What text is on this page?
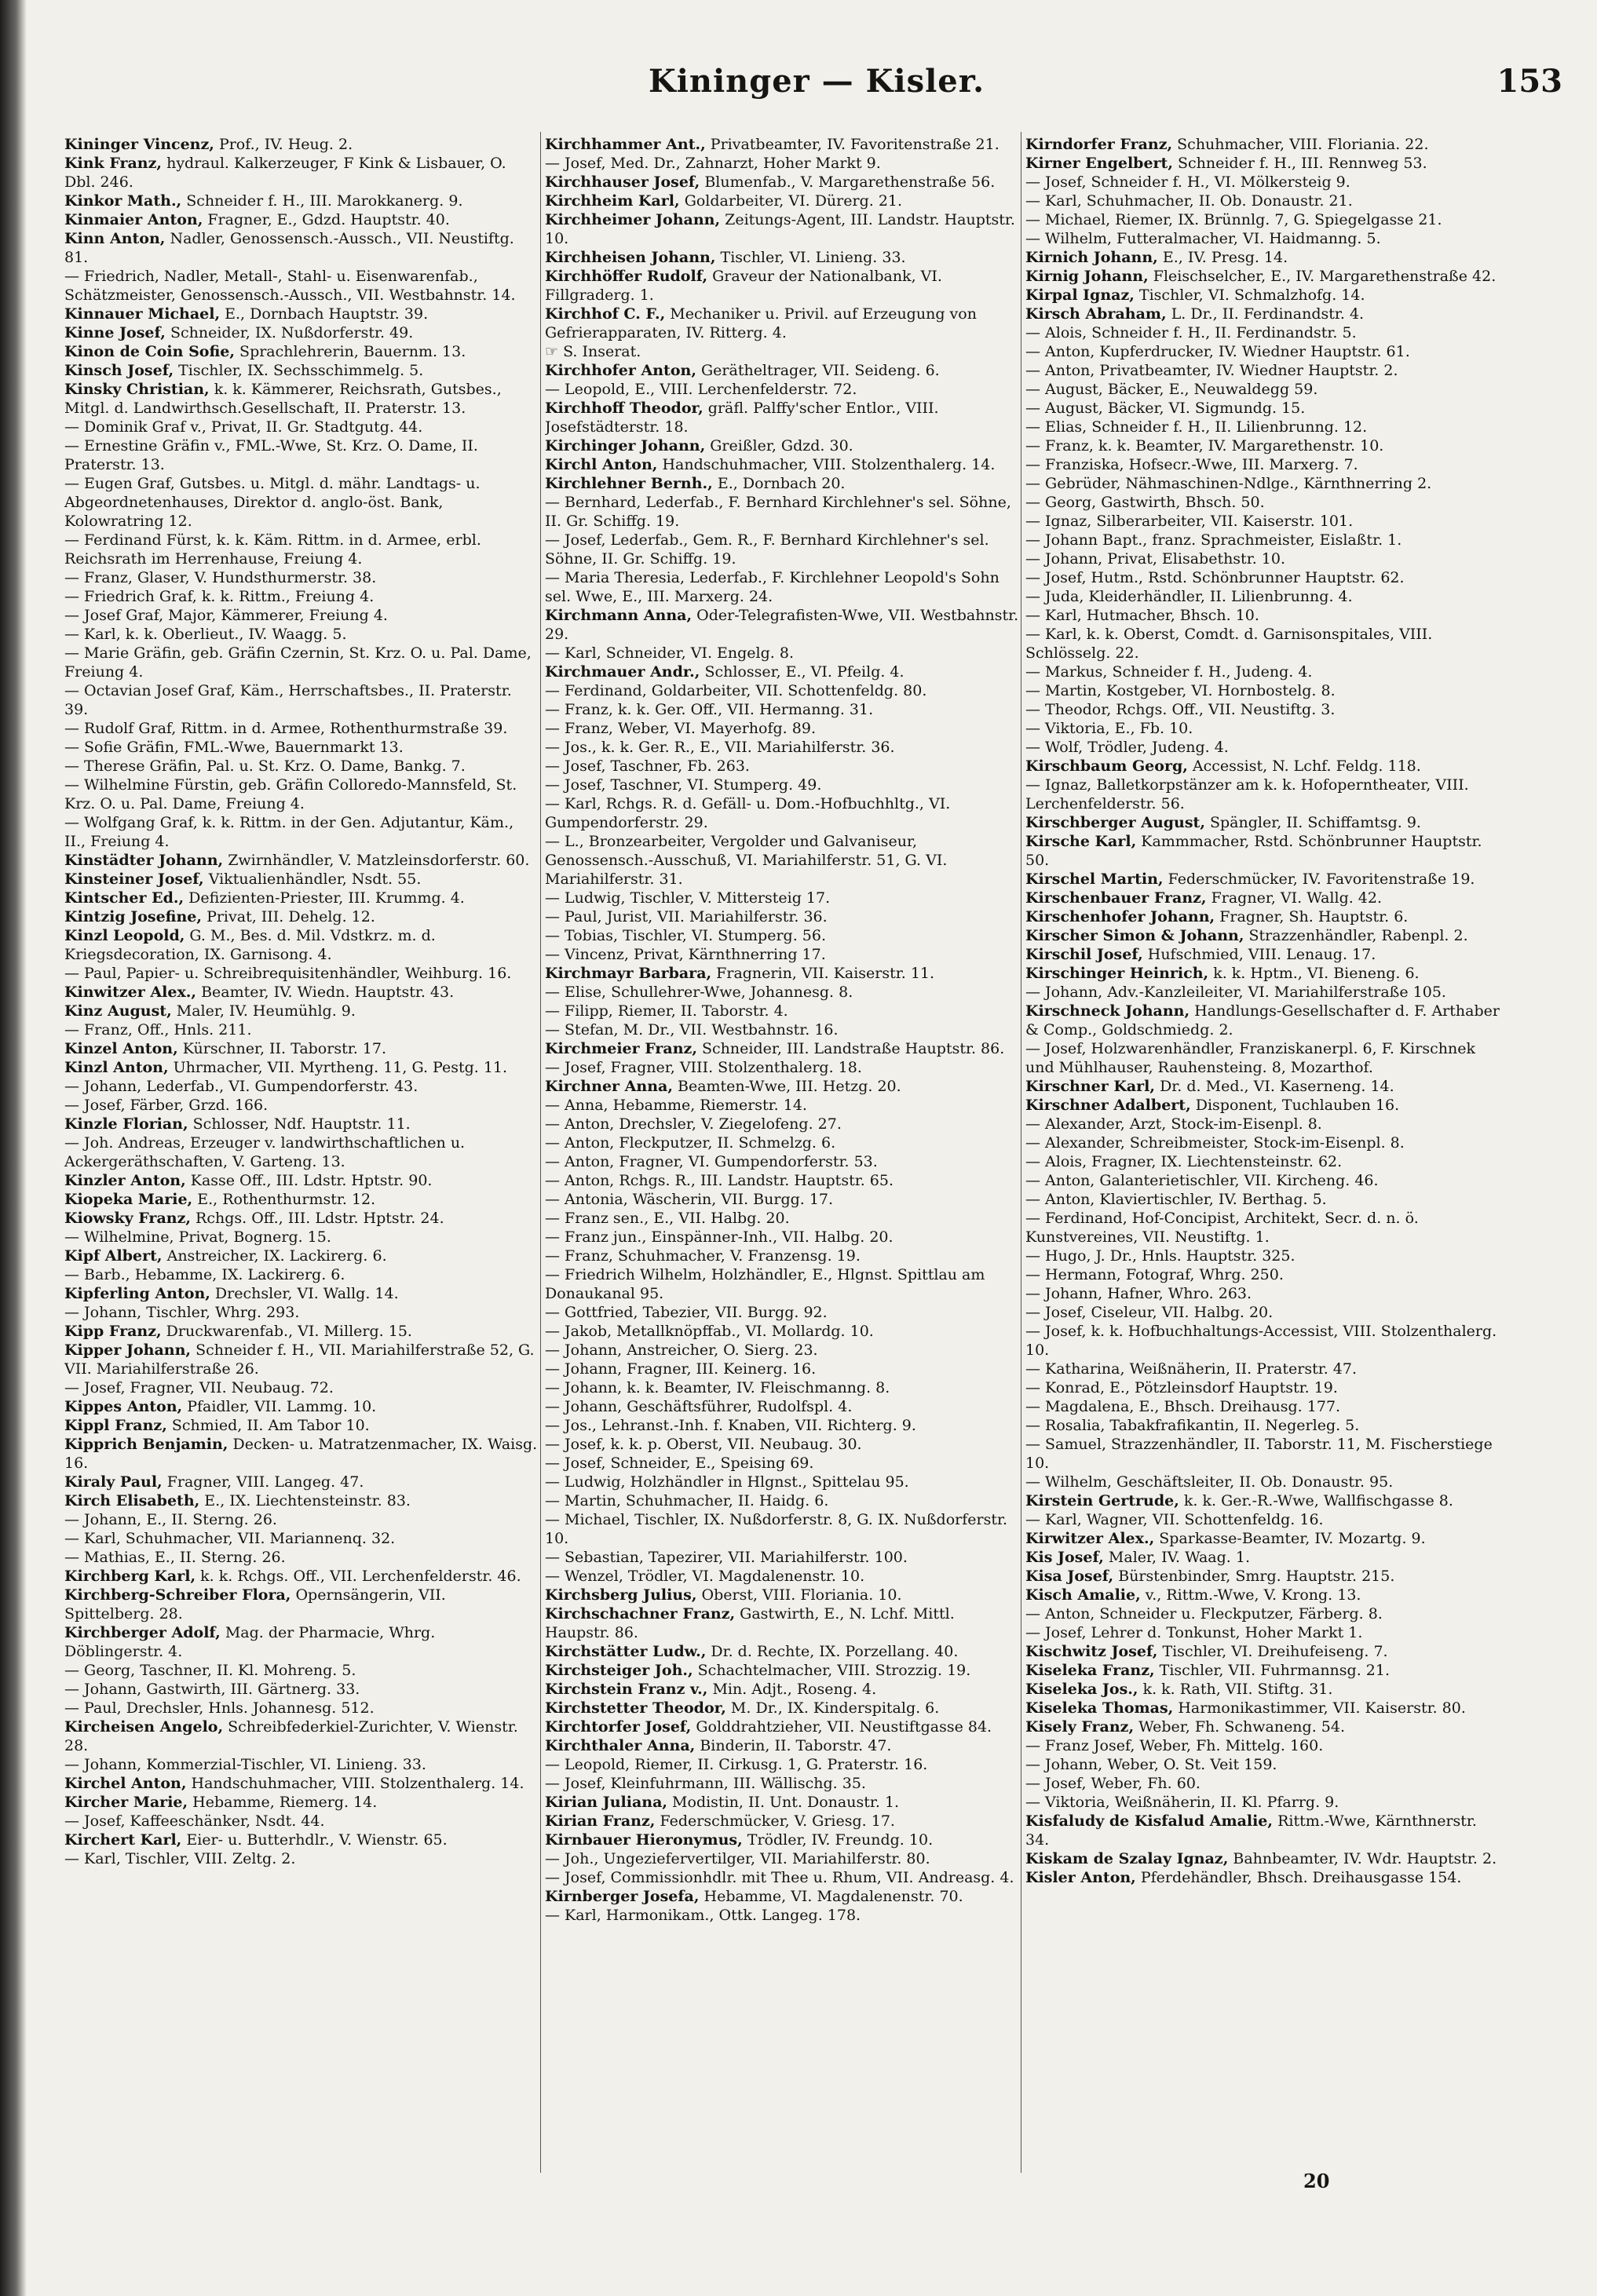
Kininger — Kisler.	153

Kininger Vincenz, Prof., IV. Heug. 2.

Kink Franz, hydraul. Kalkerzeuger, F Kink & Lisbauer, O. Dbl. 246.

Kinkor Math., Schneider f. H., III. Marokkanerg. 9.

Kinmaier Anton, Fragner, E., Gdzd. Hauptstr. 40.

Kinn Anton, Nadler, Genossensch.-Aussch., VII. Neustiftg. 81.

— Friedrich, Nadler, Metall-, Stahl- u. Eisenwarenfab., Schätzmeister, Genossensch.-Aussch., VII. Westbahnstr. 14.

Kinnauer Michael, E., Dornbach Hauptstr. 39.

Kinne Josef, Schneider, IX. Nußdorferstr. 49.

Kinon de Coin Sofie, Sprachlehrerin, Bauernm. 13.

Kinsch Josef, Tischler, IX. Sechsschimmelg. 5.

Kinsky Christian, k. k. Kämmerer, Reichsrath, Gutsbes., Mitgl. d. Landwirthsch.Gesellschaft, II. Praterstr. 13.

— Dominik Graf v., Privat, II. Gr. Stadtgutg. 44.

— Ernestine Gräfin v., FML.-Wwe, St. Krz. O. Dame, II. Praterstr. 13.

— Eugen Graf, Gutsbes. u. Mitgl. d. mähr. Landtags- u. Abgeordnetenhauses, Direktor d. anglo-öst. Bank, Kolowratring 12.

— Ferdinand Fürst, k. k. Käm. Rittm. in d. Armee, erbl. Reichsrath im Herrenhause, Freiung 4.

— Franz, Glaser, V. Hundsthurmerstr. 38.

— Friedrich Graf, k. k. Rittm., Freiung 4.

— Josef Graf, Major, Kämmerer, Freiung 4.

— Karl, k. k. Oberlieut., IV. Waagg. 5.

— Marie Gräfin, geb. Gräfin Czernin, St. Krz. O. u. Pal. Dame, Freiung 4.

— Octavian Josef Graf, Käm., Herrschaftsbes., II. Praterstr. 39.

— Rudolf Graf, Rittm. in d. Armee, Rothenthurmstraße 39.

— Sofie Gräfin, FML.-Wwe, Bauernmarkt 13.

— Therese Gräfin, Pal. u. St. Krz. O. Dame, Bankg. 7.

— Wilhelmine Fürstin, geb. Gräfin Colloredo-Mannsfeld, St. Krz. O. u. Pal. Dame, Freiung 4.

— Wolfgang Graf, k. k. Rittm. in der Gen. Adjutantur, Käm., II., Freiung 4.

Kinstädter Johann, Zwirnhändler, V. Matzleinsdorferstr. 60.

Kinsteiner Josef, Viktualienhändler, Nsdt. 55.

Kintscher Ed., Defizienten-Priester, III. Krummg. 4.

Kintzig Josefine, Privat, III. Dehelg. 12.

Kinzl Leopold, G. M., Bes. d. Mil. Vdstkrz. m. d. Kriegsdecoration, IX. Garnisong. 4.

— Paul, Papier- u. Schreibrequisitenhändler, Weihburg. 16.

Kinwitzer Alex., Beamter, IV. Wiedn. Hauptstr. 43.

Kinz August, Maler, IV. Heumühlg. 9.

— Franz, Off., Hnls. 211.

Kinzel Anton, Kürschner, II. Taborstr. 17.

Kinzl Anton, Uhrmacher, VII. Myrtheng. 11, G. Pestg. 11.

— Johann, Lederfab., VI. Gumpendorferstr. 43.

— Josef, Färber, Grzd. 166.

Kinzle Florian, Schlosser, Ndf. Hauptstr. 11.

— Joh. Andreas, Erzeuger v. landwirthschaftlichen u. Ackergeräthschaften, V. Garteng. 13.

Kinzler Anton, Kasse Off., III. Ldstr. Hptstr. 90.

Kiopeka Marie, E., Rothenthurmstr. 12.

Kiowsky Franz, Rchgs. Off., III. Ldstr. Hptstr. 24.

— Wilhelmine, Privat, Bognerg. 15.

Kipf Albert, Anstreicher, IX. Lackirerg. 6.

— Barb., Hebamme, IX. Lackirerg. 6.

Kipferling Anton, Drechsler, VI. Wallg. 14.

— Johann, Tischler, Whrg. 293.

Kipp Franz, Druckwarenfab., VI. Millerg. 15.

Kipper Johann, Schneider f. H., VII. Mariahilferstraße 52, G. VII. Mariahilferstraße 26.

— Josef, Fragner, VII. Neubaug. 72.

Kippes Anton, Pfaidler, VII. Lammg. 10.

Kippl Franz, Schmied, II. Am Tabor 10.

Kipprich Benjamin, Decken- u. Matratzenmacher, IX. Waisg. 16.

Kiraly Paul, Fragner, VIII. Langeg. 47.

Kirch Elisabeth, E., IX. Liechtensteinstr. 83.

— Johann, E., II. Sterng. 26.

— Karl, Schuhmacher, VII. Mariannenq. 32.

— Mathias, E., II. Sterng. 26.

Kirchberg Karl, k. k. Rchgs. Off., VII. Lerchenfelderstr. 46.

Kirchberg-Schreiber Flora, Opernsängerin, VII. Spittelberg. 28.

Kirchberger Adolf, Mag. der Pharmacie, Whrg. Döblingerstr. 4.

— Georg, Taschner, II. Kl. Mohreng. 5.

— Johann, Gastwirth, III. Gärtnerg. 33.

— Paul, Drechsler, Hnls. Johannesg. 512.

Kircheisen Angelo, Schreibfederkiel-Zurichter, V. Wienstr. 28.

— Johann, Kommerzial-Tischler, VI. Linieng. 33.

Kirchel Anton, Handschuhmacher, VIII. Stolzenthalerg. 14.

Kircher Marie, Hebamme, Riemerg. 14.

— Josef, Kaffeeschänker, Nsdt. 44.

Kirchert Karl, Eier- u. Butterhdlr., V. Wienstr. 65.

— Karl, Tischler, VIII. Zeltg. 2.

Kirchhammer Ant., Privatbeamter, IV. Favoritenstraße 21.

— Josef, Med. Dr., Zahnarzt, Hoher Markt 9.

Kirchhauser Josef, Blumenfab., V. Margarethenstraße 56.

Kirchheim Karl, Goldarbeiter, VI. Dürerg. 21.

Kirchheimer Johann, Zeitungs-Agent, III. Landstr. Hauptstr. 10.

Kirchheisen Johann, Tischler, VI. Linieng. 33.

Kirchhöffer Rudolf, Graveur der Nationalbank, VI. Fillgraderg. 1.

Kirchhof C. F., Mechaniker u. Privil. auf Erzeugung von Gefrierapparaten, IV. Ritterg. 4.

☞ S. Inserat.

Kirchhofer Anton, Gerätheltrager, VII. Seideng. 6.

— Leopold, E., VIII. Lerchenfelderstr. 72.

Kirchhoff Theodor, gräfl. Palffy'scher Entlor., VIII. Josefstädterstr. 18.

Kirchinger Johann, Greißler, Gdzd. 30.

Kirchl Anton, Handschuhmacher, VIII. Stolzenthalerg. 14.

Kirchlehner Bernh., E., Dornbach 20.

— Bernhard, Lederfab., F. Bernhard Kirchlehner's sel. Söhne, II. Gr. Schiffg. 19.

— Josef, Lederfab., Gem. R., F. Bernhard Kirchlehner's sel. Söhne, II. Gr. Schiffg. 19.

— Maria Theresia, Lederfab., F. Kirchlehner Leopold's Sohn sel. Wwe, E., III. Marxerg. 24.

Kirchmann Anna, Oder-Telegrafisten-Wwe, VII. Westbahnstr. 29.

— Karl, Schneider, VI. Engelg. 8.

Kirchmauer Andr., Schlosser, E., VI. Pfeilg. 4.

— Ferdinand, Goldarbeiter, VII. Schottenfeldg. 80.

— Franz, k. k. Ger. Off., VII. Hermanng. 31.

— Franz, Weber, VI. Mayerhofg. 89.

— Jos., k. k. Ger. R., E., VII. Mariahilferstr. 36.

— Josef, Taschner, Fb. 263.

— Josef, Taschner, VI. Stumperg. 49.

— Karl, Rchgs. R. d. Gefäll- u. Dom.-Hofbuchhltg., VI. Gumpendorferstr. 29.

— L., Bronzearbeiter, Vergolder und Galvaniseur, Genossensch.-Ausschuß, VI. Mariahilferstr. 51, G. VI. Mariahilferstr. 31.

— Ludwig, Tischler, V. Mittersteig 17.

— Paul, Jurist, VII. Mariahilferstr. 36.

— Tobias, Tischler, VI. Stumperg. 56.

— Vincenz, Privat, Kärnthnerring 17.

Kirchmayr Barbara, Fragnerin, VII. Kaiserstr. 11.

— Elise, Schullehrer-Wwe, Johannesg. 8.

— Filipp, Riemer, II. Taborstr. 4.

— Stefan, M. Dr., VII. Westbahnstr. 16.

Kirchmeier Franz, Schneider, III. Landstraße Hauptstr. 86.

— Josef, Fragner, VIII. Stolzenthalerg. 18.

Kirchner Anna, Beamten-Wwe, III. Hetzg. 20.

— Anna, Hebamme, Riemerstr. 14.

— Anton, Drechsler, V. Ziegelofeng. 27.

— Anton, Fleckputzer, II. Schmelzg. 6.

— Anton, Fragner, VI. Gumpendorferstr. 53.

— Anton, Rchgs. R., III. Landstr. Hauptstr. 65.

— Antonia, Wäscherin, VII. Burgg. 17.

— Franz sen., E., VII. Halbg. 20.

— Franz jun., Einspänner-Inh., VII. Halbg. 20.

— Franz, Schuhmacher, V. Franzensg. 19.

— Friedrich Wilhelm, Holzhändler, E., Hlgnst. Spittlau am Donaukanal 95.

— Gottfried, Tabezier, VII. Burgg. 92.

— Jakob, Metallknöpffab., VI. Mollardg. 10.

— Johann, Anstreicher, O. Sierg. 23.

— Johann, Fragner, III. Keinerg. 16.

— Johann, k. k. Beamter, IV. Fleischmanng. 8.

— Johann, Geschäftsführer, Rudolfspl. 4.

— Jos., Lehranst.-Inh. f. Knaben, VII. Richterg. 9.

— Josef, k. k. p. Oberst, VII. Neubaug. 30.

— Josef, Schneider, E., Speising 69.

— Ludwig, Holzhändler in Hlgnst., Spittelau 95.

— Martin, Schuhmacher, II. Haidg. 6.

— Michael, Tischler, IX. Nußdorferstr. 8, G. IX. Nußdorferstr. 10.

— Sebastian, Tapezirer, VII. Mariahilferstr. 100.

— Wenzel, Trödler, VI. Magdalenenstr. 10.

Kirchsberg Julius, Oberst, VIII. Floriania. 10.

Kirchschachner Franz, Gastwirth, E., N. Lchf. Mittl. Haupstr. 86.

Kirchstätter Ludw., Dr. d. Rechte, IX. Porzellang. 40.

Kirchsteiger Joh., Schachtelmacher, VIII. Strozzig. 19.

Kirchstein Franz v., Min. Adjt., Roseng. 4.

Kirchstetter Theodor, M. Dr., IX. Kinderspitalg. 6.

Kirchtorfer Josef, Golddrahtzieher, VII. Neustiftgasse 84.

Kirchthaler Anna, Binderin, II. Taborstr. 47.

— Leopold, Riemer, II. Cirkusg. 1, G. Praterstr. 16.

— Josef, Kleinfuhrmann, III. Wällischg. 35.

Kirian Juliana, Modistin, II. Unt. Donaustr. 1.

Kirian Franz, Federschmücker, V. Griesg. 17.

Kirnbauer Hieronymus, Trödler, IV. Freundg. 10.

— Joh., Ungeziefervertilger, VII. Mariahilferstr. 80.

— Josef, Commissionhdlr. mit Thee u. Rhum, VII. Andreasg. 4.

Kirnberger Josefa, Hebamme, VI. Magdalenenstr. 70.

— Karl, Harmonikam., Ottk. Langeg. 178.

Kirndorfer Franz, Schuhmacher, VIII. Floriania. 22.

Kirner Engelbert, Schneider f. H., III. Rennweg 53.

— Josef, Schneider f. H., VI. Mölkersteig 9.

— Karl, Schuhmacher, II. Ob. Donaustr. 21.

— Michael, Riemer, IX. Brünnlg. 7, G. Spiegelgasse 21.

— Wilhelm, Futteralmacher, VI. Haidmanng. 5.

Kirnich Johann, E., IV. Presg. 14.

Kirnig Johann, Fleischselcher, E., IV. Margarethenstraße 42.

Kirpal Ignaz, Tischler, VI. Schmalzhofg. 14.

Kirsch Abraham, L. Dr., II. Ferdinandstr. 4.

— Alois, Schneider f. H., II. Ferdinandstr. 5.

— Anton, Kupferdrucker, IV. Wiedner Hauptstr. 61.

— Anton, Privatbeamter, IV. Wiedner Hauptstr. 2.

— August, Bäcker, E., Neuwaldegg 59.

— August, Bäcker, VI. Sigmundg. 15.

— Elias, Schneider f. H., II. Lilienbrunng. 12.

— Franz, k. k. Beamter, IV. Margarethenstr. 10.

— Franziska, Hofsecr.-Wwe, III. Marxerg. 7.

— Gebrüder, Nähmaschinen-Ndlge., Kärnthnerring 2.

— Georg, Gastwirth, Bhsch. 50.

— Ignaz, Silberarbeiter, VII. Kaiserstr. 101.

— Johann Bapt., franz. Sprachmeister, Eislaßtr. 1.

— Johann, Privat, Elisabethstr. 10.

— Josef, Hutm., Rstd. Schönbrunner Hauptstr. 62.

— Juda, Kleiderhändler, II. Lilienbrunng. 4.

— Karl, Hutmacher, Bhsch. 10.

— Karl, k. k. Oberst, Comdt. d. Garnisonspitales, VIII. Schlösselg. 22.

— Markus, Schneider f. H., Judeng. 4.

— Martin, Kostgeber, VI. Hornbostelg. 8.

— Theodor, Rchgs. Off., VII. Neustiftg. 3.

— Viktoria, E., Fb. 10.

— Wolf, Trödler, Judeng. 4.

Kirschbaum Georg, Accessist, N. Lchf. Feldg. 118.

— Ignaz, Balletkorpstänzer am k. k. Hofoperntheater, VIII. Lerchenfelderstr. 56.

Kirschberger August, Spängler, II. Schiffamtsg. 9.

Kirsche Karl, Kammmacher, Rstd. Schönbrunner Hauptstr. 50.

Kirschel Martin, Federschmücker, IV. Favoritenstraße 19.

Kirschenbauer Franz, Fragner, VI. Wallg. 42.

Kirschenhofer Johann, Fragner, Sh. Hauptstr. 6.

Kirscher Simon & Johann, Strazzenhändler, Rabenpl. 2.

Kirschil Josef, Hufschmied, VIII. Lenaug. 17.

Kirschinger Heinrich, k. k. Hptm., VI. Bieneng. 6.

— Johann, Adv.-Kanzleileiter, VI. Mariahilferstraße 105.

Kirschneck Johann, Handlungs-Gesellschafter d. F. Arthaber & Comp., Goldschmiedg. 2.

— Josef, Holzwarenhändler, Franziskanerpl. 6, F. Kirschnek und Mühlhauser, Rauhensteing. 8, Mozarthof.

Kirschner Karl, Dr. d. Med., VI. Kaserneng. 14.

Kirschner Adalbert, Disponent, Tuchlauben 16.

— Alexander, Arzt, Stock-im-Eisenpl. 8.

— Alexander, Schreibmeister, Stock-im-Eisenpl. 8.

— Alois, Fragner, IX. Liechtensteinstr. 62.

— Anton, Galanterietischler, VII. Kircheng. 46.

— Anton, Klaviertischler, IV. Berthag. 5.

— Ferdinand, Hof-Concipist, Architekt, Secr. d. n. ö. Kunstvereines, VII. Neustiftg. 1.

— Hugo, J. Dr., Hnls. Hauptstr. 325.

— Hermann, Fotograf, Whrg. 250.

— Johann, Hafner, Whro. 263.

— Josef, Ciseleur, VII. Halbg. 20.

— Josef, k. k. Hofbuchhaltungs-Accessist, VIII. Stolzenthalerg. 10.

— Katharina, Weißnäherin, II. Praterstr. 47.

— Konrad, E., Pötzleinsdorf Hauptstr. 19.

— Magdalena, E., Bhsch. Dreihausg. 177.

— Rosalia, Tabakfrafikantin, II. Negerleg. 5.

— Samuel, Strazzenhändler, II. Taborstr. 11, M. Fischerstiege 10.

— Wilhelm, Geschäftsleiter, II. Ob. Donaustr. 95.

Kirstein Gertrude, k. k. Ger.-R.-Wwe, Wallfischgasse 8.

— Karl, Wagner, VII. Schottenfeldg. 16.

Kirwitzer Alex., Sparkasse-Beamter, IV. Mozartg. 9.

Kis Josef, Maler, IV. Waag. 1.

Kisa Josef, Bürstenbinder, Smrg. Hauptstr. 215.

Kisch Amalie, v., Rittm.-Wwe, V. Krong. 13.

— Anton, Schneider u. Fleckputzer, Färberg. 8.

— Josef, Lehrer d. Tonkunst, Hoher Markt 1.

Kischwitz Josef, Tischler, VI. Dreihufeiseng. 7.

Kiseleka Franz, Tischler, VII. Fuhrmannsg. 21.

Kiseleka Jos., k. k. Rath, VII. Stiftg. 31.

Kiseleka Thomas, Harmonikastimmer, VII. Kaiserstr. 80.

Kisely Franz, Weber, Fh. Schwaneng. 54.

— Franz Josef, Weber, Fh. Mittelg. 160.

— Johann, Weber, O. St. Veit 159.

— Josef, Weber, Fh. 60.

— Viktoria, Weißnäherin, II. Kl. Pfarrg. 9.

Kisfaludy de Kisfalud Amalie, Rittm.-Wwe, Kärnthnerstr. 34.

Kiskam de Szalay Ignaz, Bahnbeamter, IV. Wdr. Hauptstr. 2.

Kisler Anton, Pferdehändler, Bhsch. Dreihausgasse 154.

20
